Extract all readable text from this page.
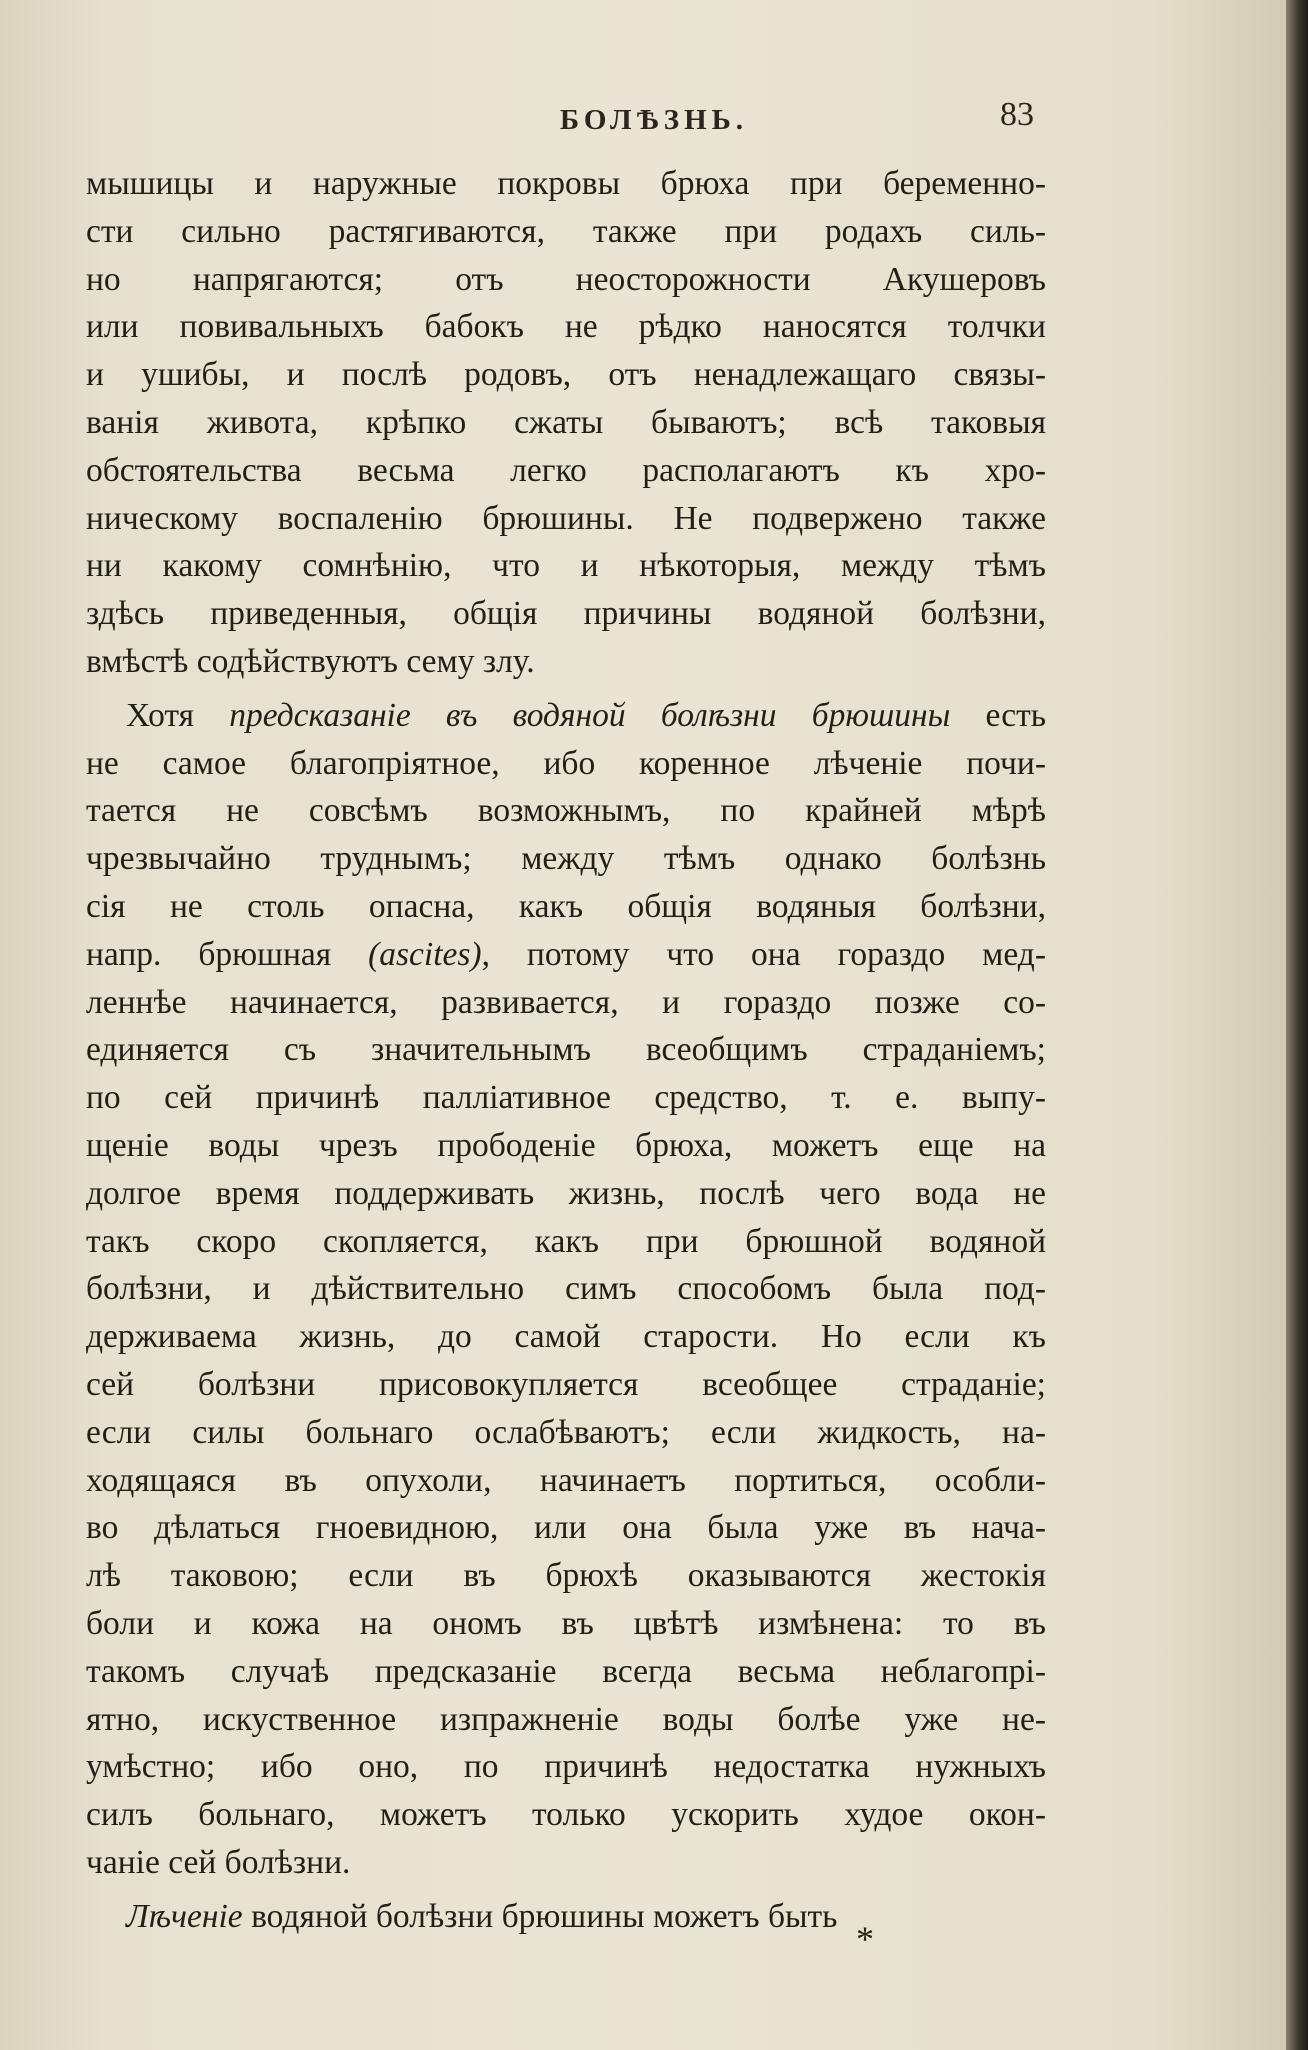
БОЛѢЗНЬ.	83
мышицы и наружные покровы брюха при беременно-
сти сильно растягиваются, также при родахъ силь-
но напрягаются; отъ неосторожности Акушеровъ
или повивальныхъ бабокъ не рѣдко наносятся толчки
и ушибы, и послѣ родовъ, отъ ненадлежащаго связы-
ванія живота, крѣпко сжаты бываютъ; всѣ таковыя
обстоятельства весьма легко располагаютъ къ хро-
ническому воспаленію брюшины. Не подвержено также
ни какому сомнѣнію, что и нѣкоторыя, между тѣмъ
здѣсь приведенныя, общія причины водяной болѣзни,
вмѣстѣ содѣйствуютъ сему злу.
Хотя предсказаніе въ водяной болѣзни брюшины есть
не самое благопріятное, ибо коренное лѣченіе почи-
тается не совсѣмъ возможнымъ, по крайней мѣрѣ
чрезвычайно труднымъ; между тѣмъ однако болѣзнь
сія не столь опасна, какъ общія водяныя болѣзни,
напр. брюшная (ascites), потому что она гораздо мед-
леннѣе начинается, развивается, и гораздо позже со-
единяется съ значительнымъ всеобщимъ страданіемъ;
по сей причинѣ палліативное средство, т. е. выпу-
щеніе воды чрезъ прободеніе брюха, можетъ еще на
долгое время поддерживать жизнь, послѣ чего вода не
такъ скоро скопляется, какъ при брюшной водяной
болѣзни, и дѣйствительно симъ способомъ была под-
держиваема жизнь, до самой старости. Но если къ
сей болѣзни присовокупляется всеобщее страданіе;
если силы больнаго ослабѣваютъ; если жидкость, на-
ходящаяся въ опухоли, начинаетъ портиться, особли-
во дѣлаться гноевидною, или она была уже въ нача-
лѣ таковою; если въ брюхѣ оказываются жестокія
боли и кожа на ономъ въ цвѣтѣ измѣнена: то въ
такомъ случаѣ предсказаніе всегда весьма неблагопрі-
ятно, искуственное изпражненіе воды болѣе уже не-
умѣстно; ибо оно, по причинѣ недостатка нужныхъ
силъ больнаго, можетъ только ускорить худое окон-
чаніе сей болѣзни.
Лѣченіе водяной болѣзни брюшины можетъ быть
*
